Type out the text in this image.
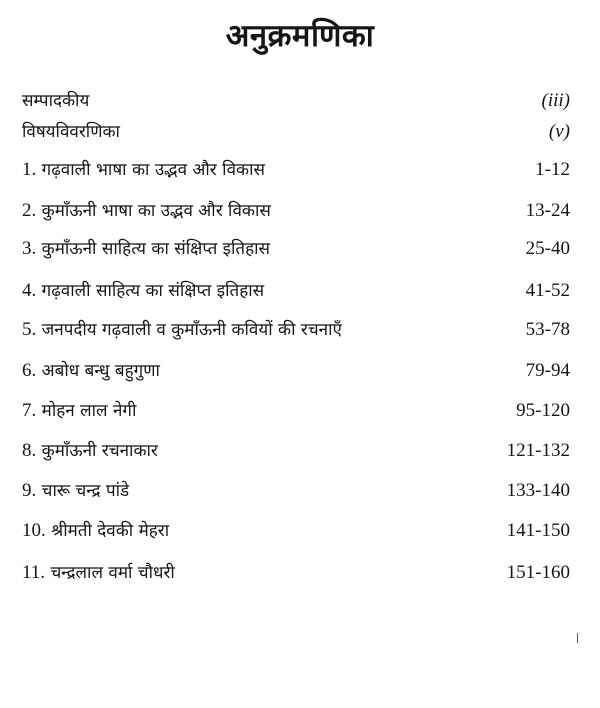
अनुक्रमणिका
सम्पादकीय	(iii)
विषयविवरणिका	(v)
1. गढ़वाली भाषा का उद्भव और विकास	1-12
2. कुमाँऊनी भाषा का उद्भव और विकास	13-24
3. कुमाँऊनी साहित्य का संक्षिप्त इतिहास	25-40
4. गढ़वाली साहित्य का संक्षिप्त इतिहास	41-52
5. जनपदीय गढ़वाली व कुमाँऊनी कवियों की रचनाएँ	53-78
6. अबोध बन्धु बहुगुणा	79-94
7. मोहन लाल नेगी	95-120
8. कुमाँऊनी रचनाकार	121-132
9. चारू चन्द्र पांडे	133-140
10. श्रीमती देवकी मेहरा	141-150
11. चन्द्रलाल वर्मा चौधरी	151-160
